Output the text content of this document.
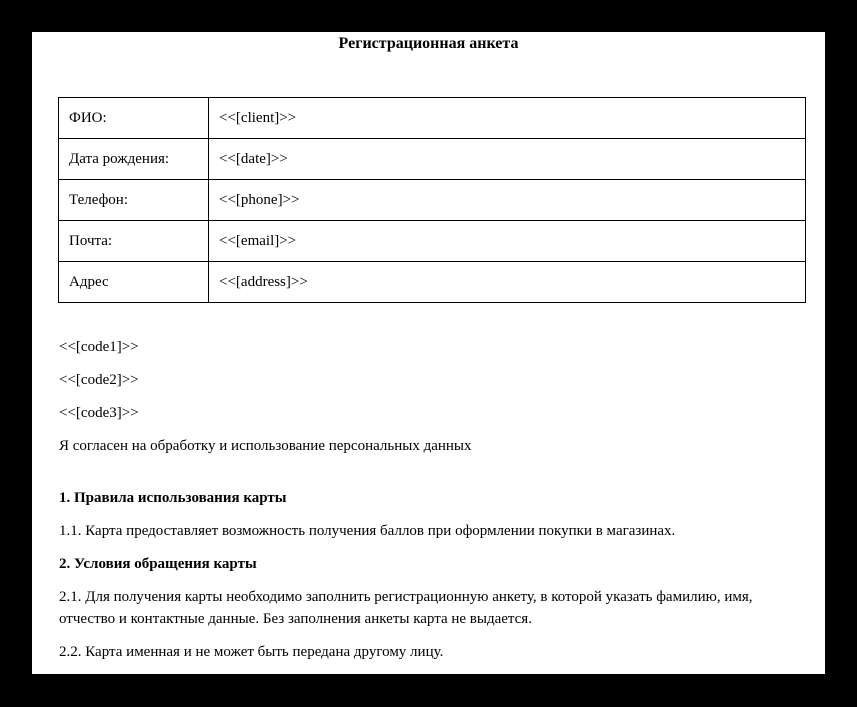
Регистрационная анкета
ФИО:	<<[client]>>
Дата рождения:	<<[date]>>
Телефон:	<<[phone]>>
Почта:	<<[email]>>
Адрес	<<[address]>>

<<[code1]>>

<<[code2]>>

<<[code3]>>

Я согласен на обработку и использование персональных данных

1. Правила использования карты

1.1. Карта предоставляет возможность получения баллов при оформлении покупки в магазинах.

2. Условия обращения карты

2.1. Для получения карты необходимо заполнить регистрационную анкету, в которой указать фамилию, имя, отчество и контактные данные. Без заполнения анкеты карта не выдается.

2.2. Карта именная и не может быть передана другому лицу.
